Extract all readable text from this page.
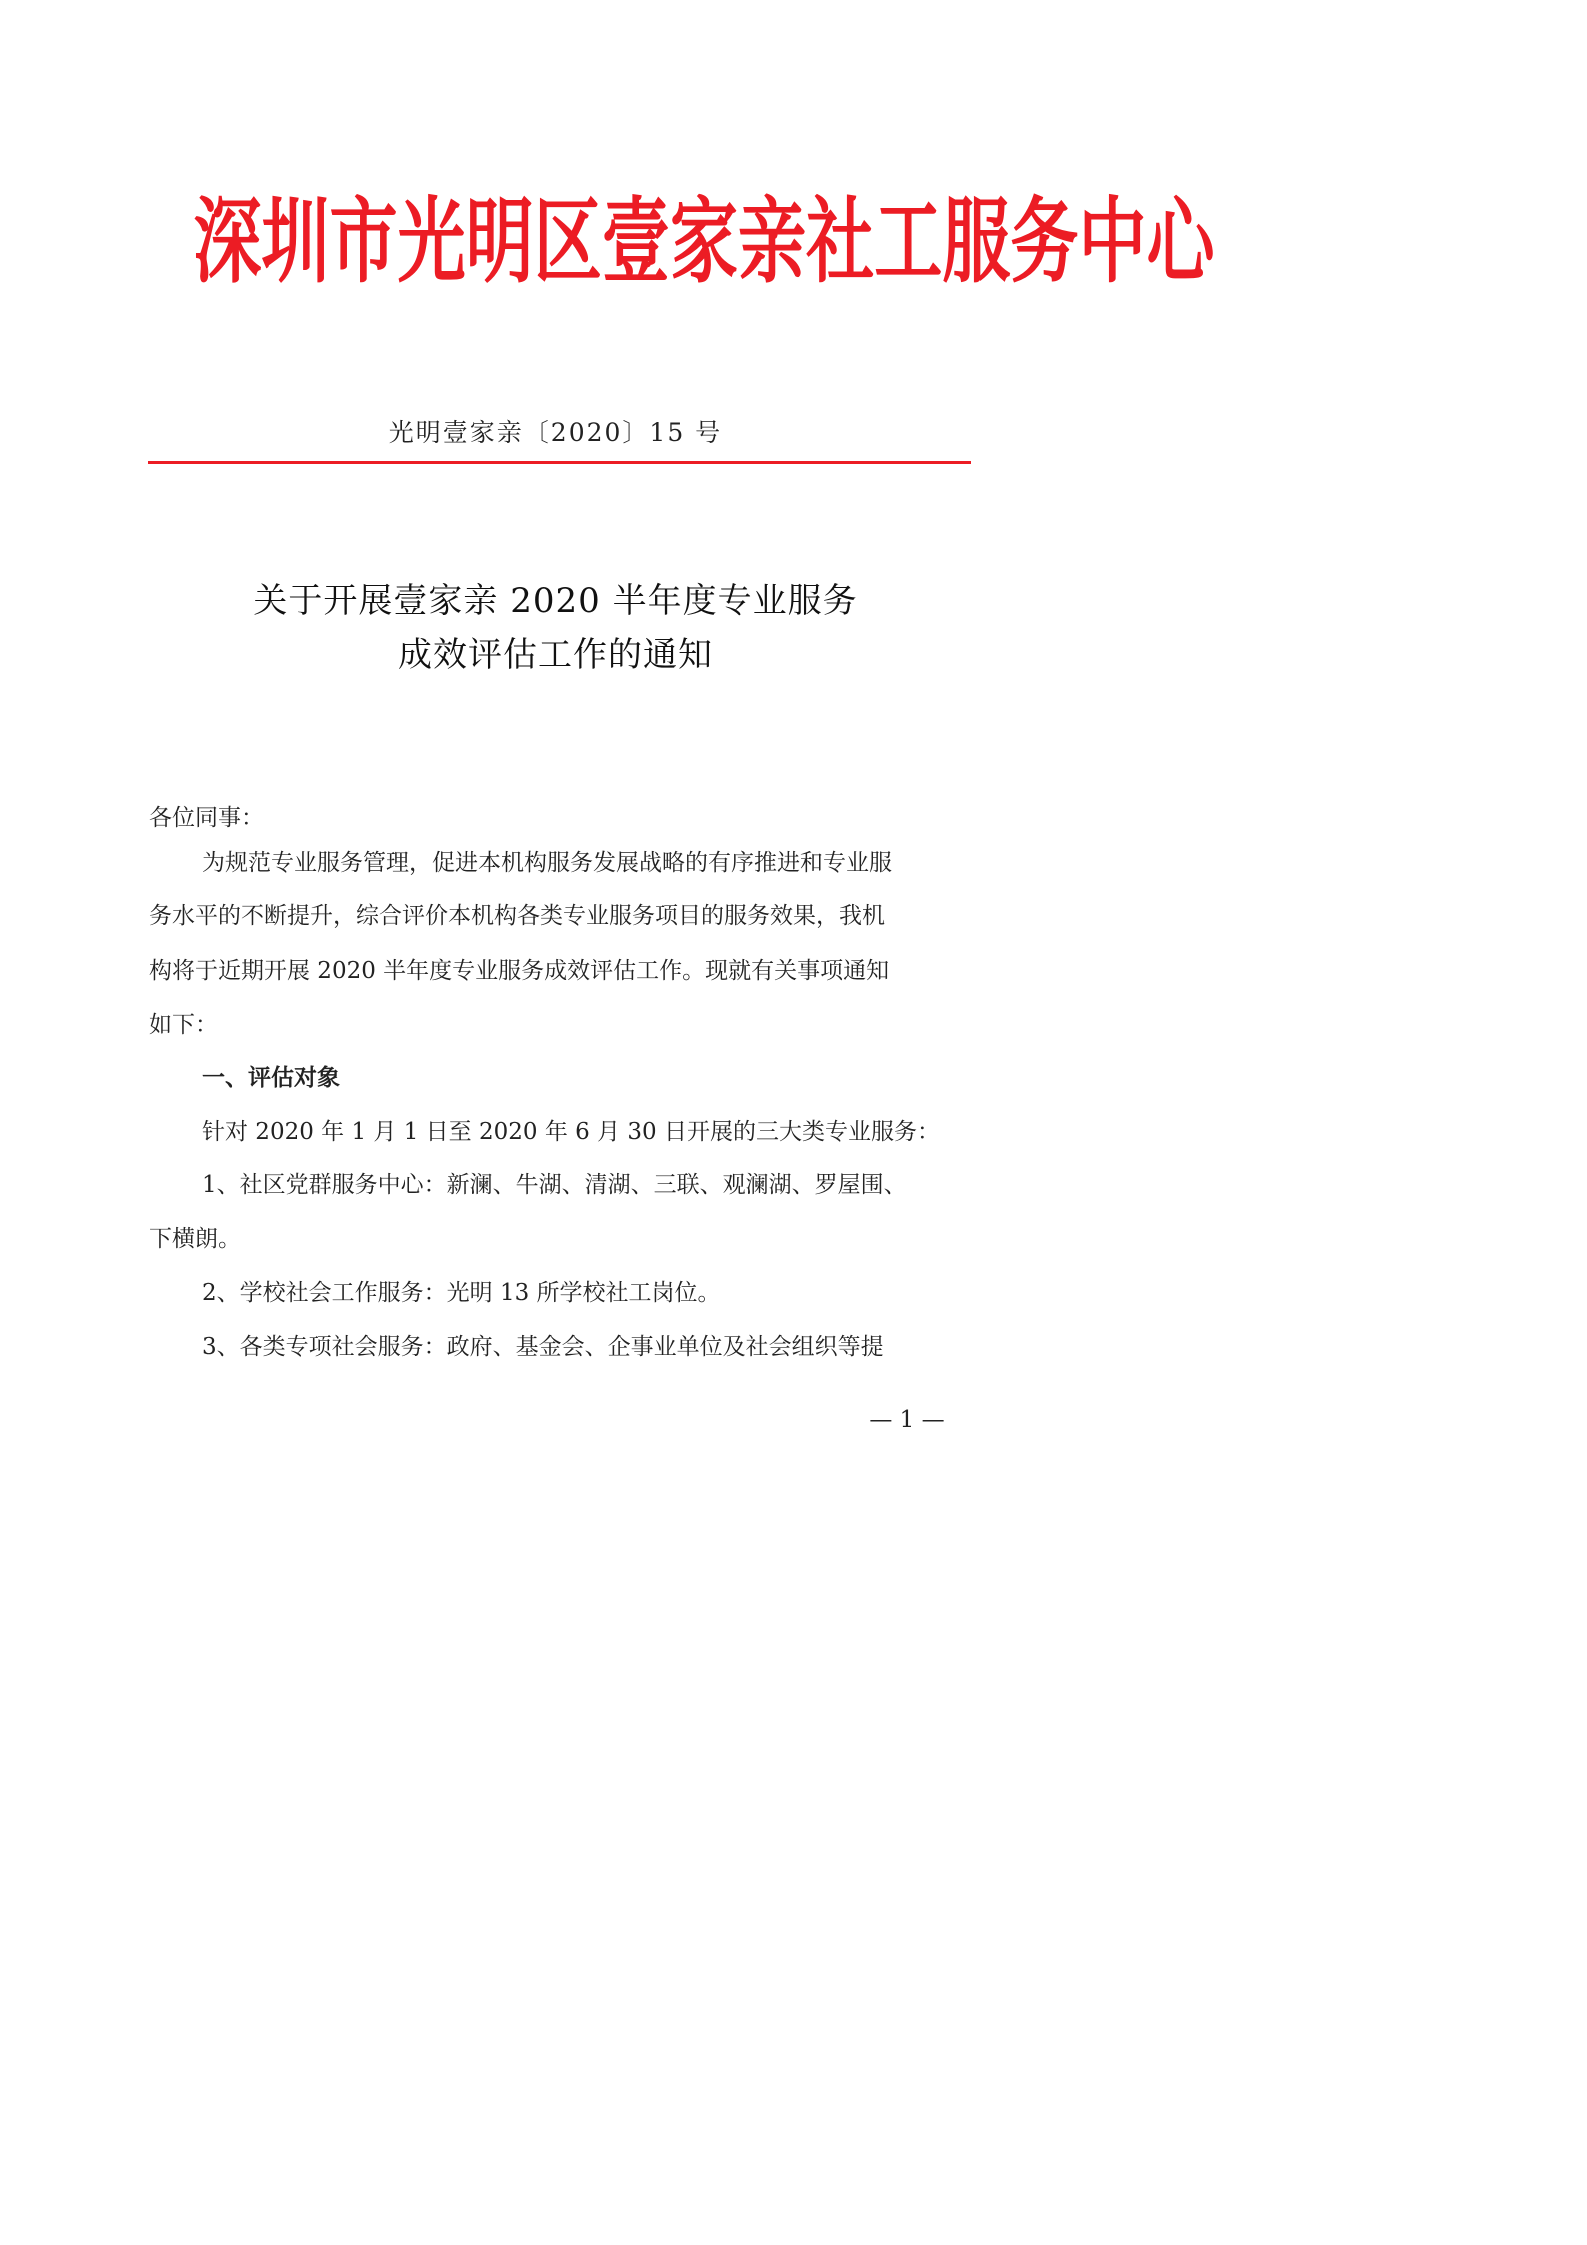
深圳市光明区壹家亲社工服务中心
光明壹家亲〔2020〕15 号
关于开展壹家亲 2020 半年度专业服务
成效评估工作的通知
各位同事：
为规范专业服务管理，促进本机构服务发展战略的有序推进和专业服
务水平的不断提升，综合评价本机构各类专业服务项目的服务效果，我机
构将于近期开展 2020 半年度专业服务成效评估工作。现就有关事项通知
如下：
一、评估对象
针对 2020 年 1 月 1 日至 2020 年 6 月 30 日开展的三大类专业服务：
1、社区党群服务中心：新澜、牛湖、清湖、三联、观澜湖、罗屋围、
下横朗。
2、学校社会工作服务：光明 13 所学校社工岗位。
3、各类专项社会服务：政府、基金会、企事业单位及社会组织等提
— 1 —
